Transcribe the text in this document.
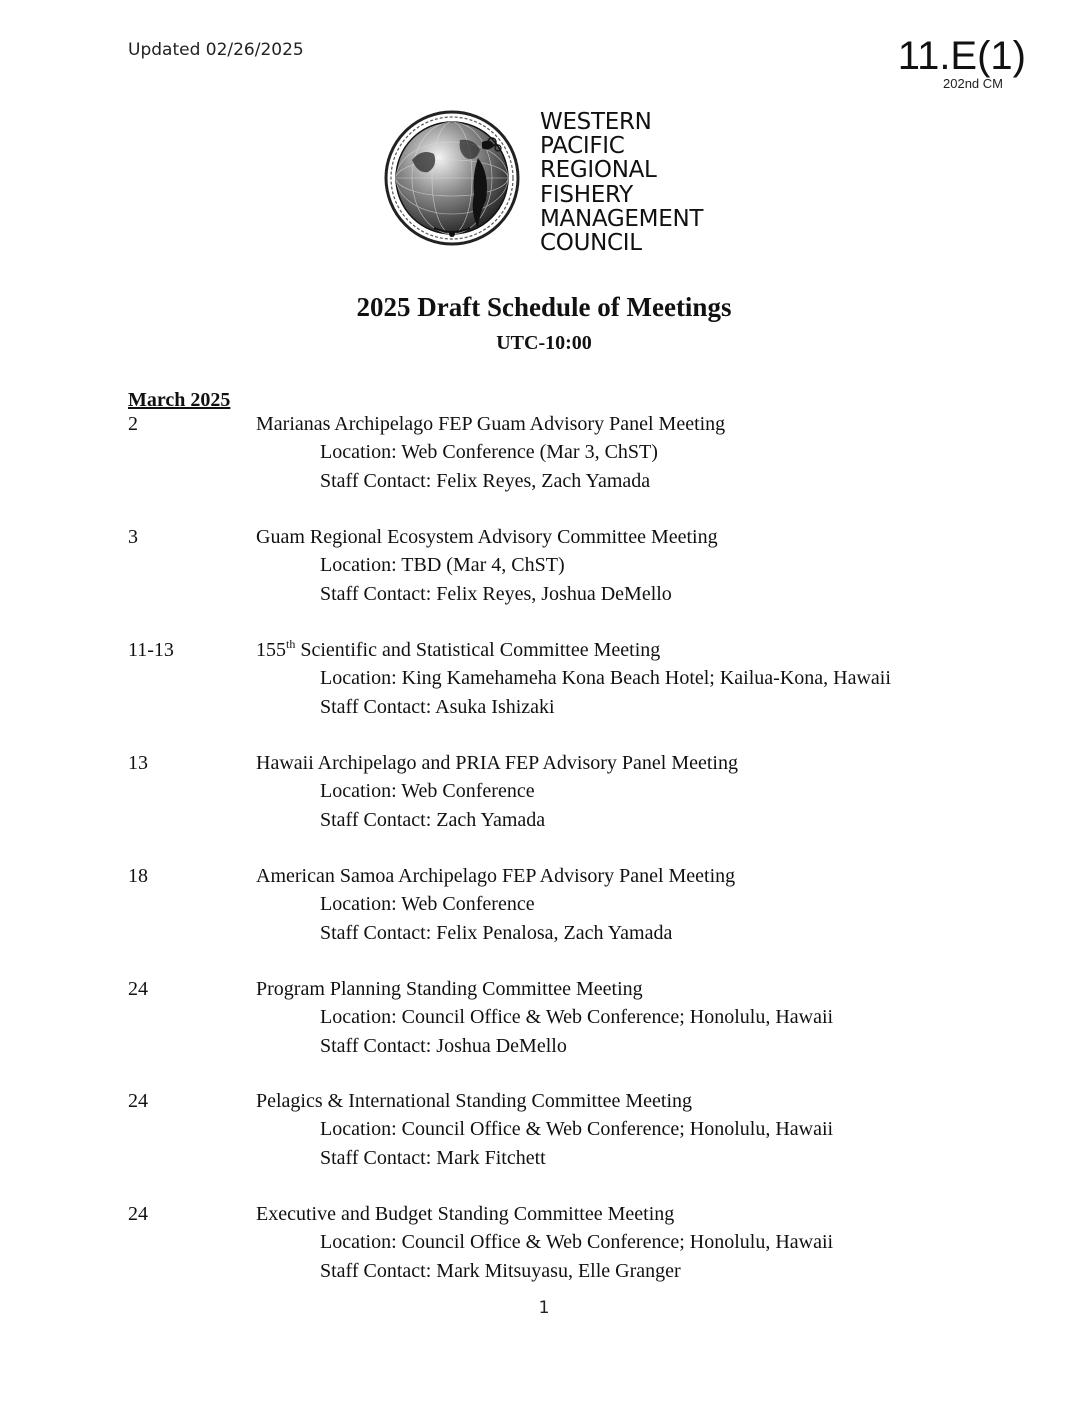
Updated 02/26/2025	11.E(1)
202nd CM
WESTERN
PACIFIC
REGIONAL
FISHERY
MANAGEMENT
COUNCIL
2025 Draft Schedule of Meetings
UTC-10:00
March 2025
2	Marianas Archipelago FEP Guam Advisory Panel Meeting
Location: Web Conference (Mar 3, ChST)
Staff Contact: Felix Reyes, Zach Yamada
3	Guam Regional Ecosystem Advisory Committee Meeting
Location: TBD (Mar 4, ChST)
Staff Contact: Felix Reyes, Joshua DeMello
11-13	155th Scientific and Statistical Committee Meeting
Location: King Kamehameha Kona Beach Hotel; Kailua-Kona, Hawaii
Staff Contact: Asuka Ishizaki
13	Hawaii Archipelago and PRIA FEP Advisory Panel Meeting
Location: Web Conference
Staff Contact: Zach Yamada
18	American Samoa Archipelago FEP Advisory Panel Meeting
Location: Web Conference
Staff Contact: Felix Penalosa, Zach Yamada
24	Program Planning Standing Committee Meeting
Location: Council Office & Web Conference; Honolulu, Hawaii
Staff Contact: Joshua DeMello
24	Pelagics & International Standing Committee Meeting
Location: Council Office & Web Conference; Honolulu, Hawaii
Staff Contact: Mark Fitchett
24	Executive and Budget Standing Committee Meeting
Location: Council Office & Web Conference; Honolulu, Hawaii
Staff Contact: Mark Mitsuyasu, Elle Granger
1
